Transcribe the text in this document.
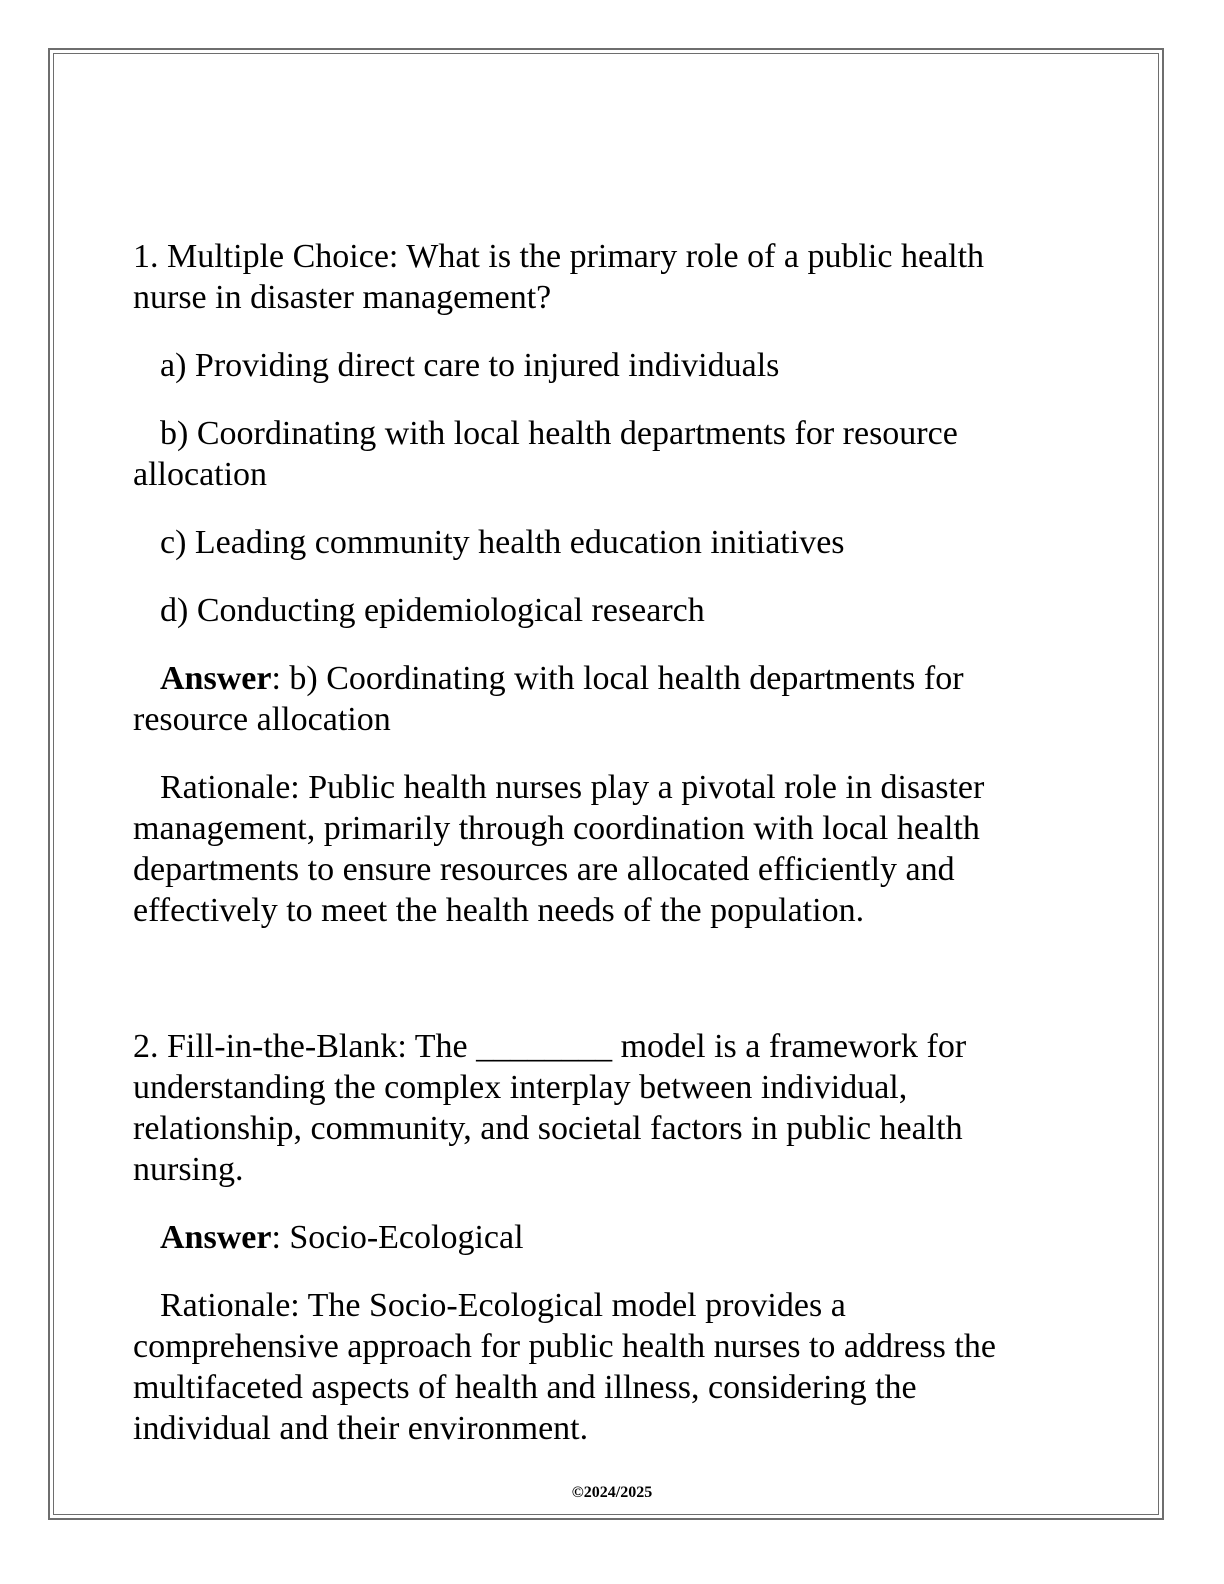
1. Multiple Choice: What is the primary role of a public health nurse in disaster management?

a) Providing direct care to injured individuals

b) Coordinating with local health departments for resource allocation

c) Leading community health education initiatives

d) Conducting epidemiological research

Answer: b) Coordinating with local health departments for resource allocation

Rationale: Public health nurses play a pivotal role in disaster management, primarily through coordination with local health departments to ensure resources are allocated efficiently and effectively to meet the health needs of the population.

2. Fill-in-the-Blank: The ________ model is a framework for understanding the complex interplay between individual, relationship, community, and societal factors in public health nursing.

Answer: Socio-Ecological

Rationale: The Socio-Ecological model provides a comprehensive approach for public health nurses to address the multifaceted aspects of health and illness, considering the individual and their environment.

©2024/2025
